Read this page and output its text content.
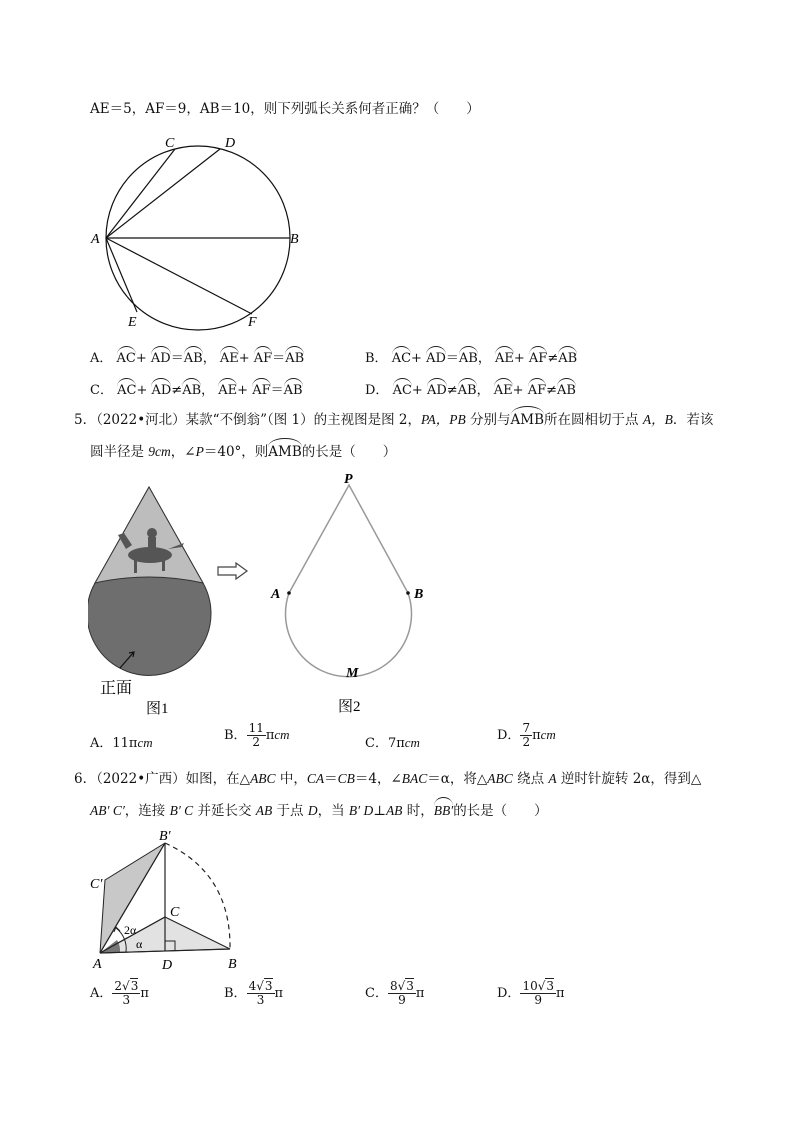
AE＝5，AF＝9，AB＝10，则下列弧长关系何者正确？（　　）
C	D
A	B
E	F
A． AC+ AD＝AB， AE+ AF＝AB	B． AC+ AD＝AB， AE+ AF≠AB
C． AC+ AD≠AB， AE+ AF＝AB	D． AC+ AD≠AB， AE+ AF≠AB
5．（2022•河北）某款“不倒翁”（图 1）的主视图是图 2，PA，PB 分别与AMB所在圆相切于点 A，B．若该
圆半径是 9cm，∠P＝40°，则AMB的长是（　　）
正面
图1
P
A	B
M
图2
A．11πcm	B． $\frac{11}{2}$ πcm
C．7πcm	D． $\frac{7}{2}$ πcm
6．（2022•广西）如图，在△ABC 中，CA＝CB＝4，∠BAC＝α，将△ABC 绕点 A 逆时针旋转 2α，得到△
AB′ C′，连接 B′ C 并延长交 AB 于点 D，当 B′ D⊥AB 时，BB′的长是（　　）
B′
C′
C
A	D	B
2α
α
A． $\frac{2√3}{3}$ π	B． $\frac{4√3}{3}$ π	C． $\frac{8√3}{9}$ π	D． $\frac{10√3}{9}$ π
